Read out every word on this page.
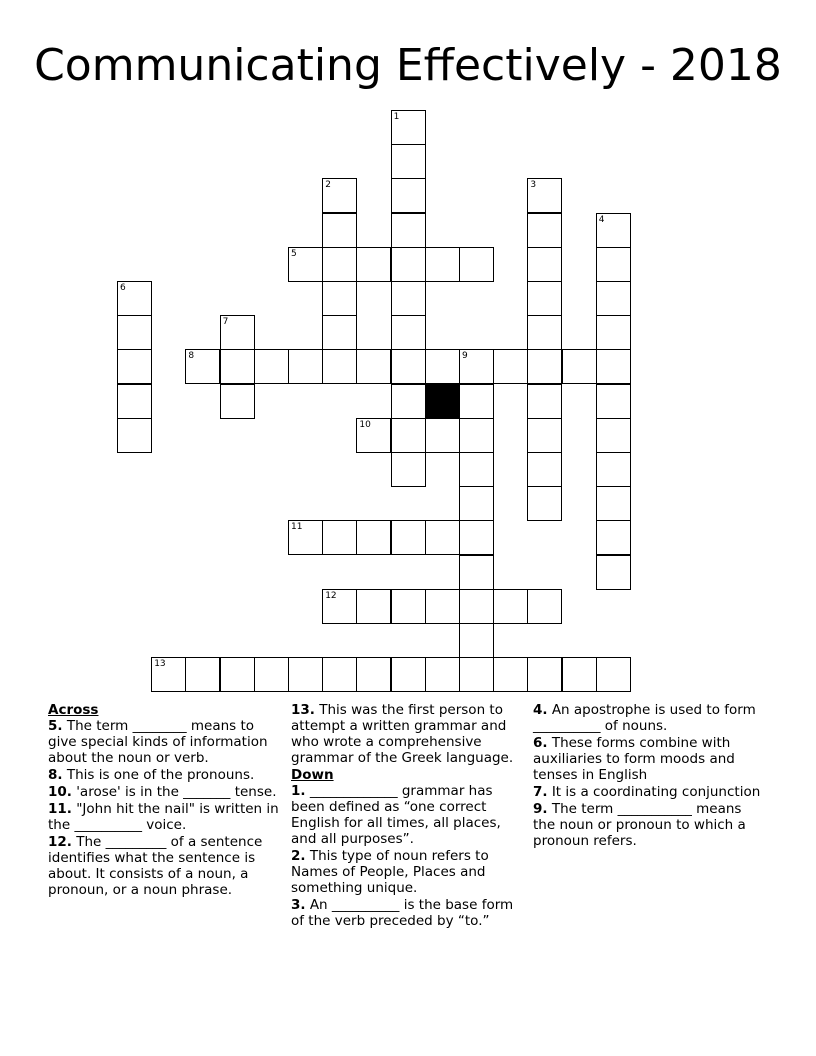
Communicating Effectively - 2018
1
2	3
4
5
6
7
8	9
10
11
12
13
Across
5. The term ________ means to give special kinds of information about the noun or verb.
8. This is one of the pronouns.
10. 'arose' is in the _______ tense.
11. "John hit the nail" is written in the __________ voice.
12. The _________ of a sentence identifies what the sentence is about. It consists of a noun, a pronoun, or a noun phrase.
13. This was the first person to attempt a written grammar and who wrote a comprehensive grammar of the Greek language.
Down
1. _____________ grammar has been defined as “one correct English for all times, all places, and all purposes”.
2. This type of noun refers to Names of People, Places and something unique.
3. An __________ is the base form of the verb preceded by “to.”
4. An apostrophe is used to form __________ of nouns.
6. These forms combine with auxiliaries to form moods and tenses in English
7. It is a coordinating conjunction
9. The term ___________ means the noun or pronoun to which a pronoun refers.
